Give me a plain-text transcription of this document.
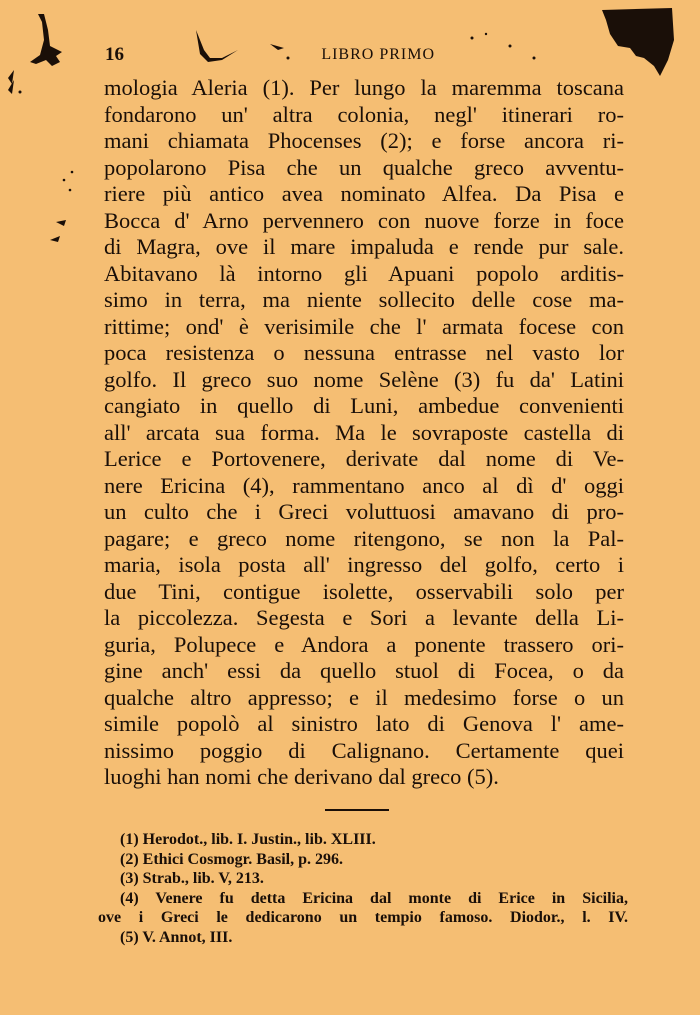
16	LIBRO PRIMO
mologia Aleria (1). Per lungo la maremma toscana
fondarono un' altra colonia, negl' itinerari ro-
mani chiamata Phocenses (2); e forse ancora ri-
popolarono Pisa che un qualche greco avventu-
riere più antico avea nominato Alfea. Da Pisa e
Bocca d' Arno pervennero con nuove forze in foce
di Magra, ove il mare impaluda e rende pur sale.
Abitavano là intorno gli Apuani popolo arditis-
simo in terra, ma niente sollecito delle cose ma-
rittime; ond' è verisimile che l' armata focese con
poca resistenza o nessuna entrasse nel vasto lor
golfo. Il greco suo nome Selène (3) fu da' Latini
cangiato in quello di Luni, ambedue convenienti
all' arcata sua forma. Ma le sovraposte castella di
Lerice e Portovenere, derivate dal nome di Ve-
nere Ericina (4), rammentano anco al dì d' oggi
un culto che i Greci voluttuosi amavano di pro-
pagare; e greco nome ritengono, se non la Pal-
maria, isola posta all' ingresso del golfo, certo i
due Tini, contigue isolette, osservabili solo per
la piccolezza. Segesta e Sori a levante della Li-
guria, Polupece e Andora a ponente trassero ori-
gine anch' essi da quello stuol di Focea, o da
qualche altro appresso; e il medesimo forse o un
simile popolò al sinistro lato di Genova l' ame-
nissimo poggio di Calignano. Certamente quei
luoghi han nomi che derivano dal greco (5).
(1) Herodot., lib. I. Justin., lib. XLIII.
(2) Ethici Cosmogr. Basil, p. 296.
(3) Strab., lib. V, 213.
(4) Venere fu detta Ericina dal monte di Erice in Sicilia,
ove i Greci le dedicarono un tempio famoso. Diodor., l. IV.
(5) V. Annot, III.
